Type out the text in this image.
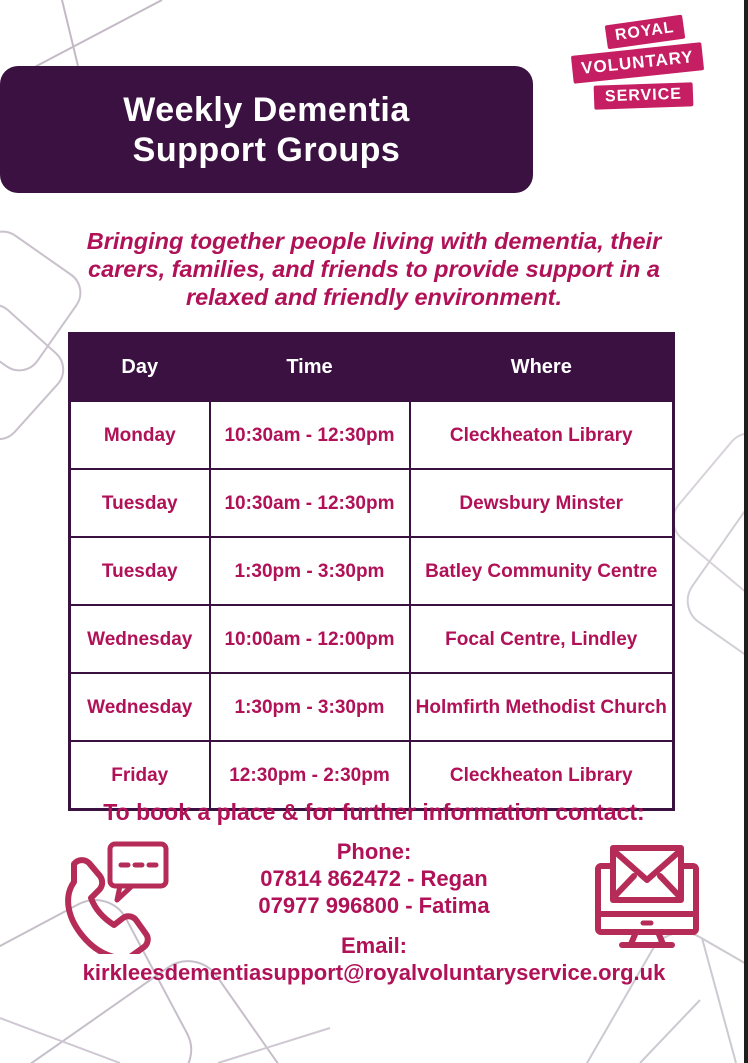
Weekly Dementia
Support Groups
ROYAL
VOLUNTARY
SERVICE
Bringing together people living with dementia, their
carers, families, and friends to provide support in a
relaxed and friendly environment.
Day	Time	Where
Monday	10:30am - 12:30pm	Cleckheaton Library
Tuesday	10:30am - 12:30pm	Dewsbury Minster
Tuesday	1:30pm - 3:30pm	Batley Community Centre
Wednesday	10:00am - 12:00pm	Focal Centre, Lindley
Wednesday	1:30pm - 3:30pm	Holmfirth Methodist Church
Friday	12:30pm - 2:30pm	Cleckheaton Library
To book a place & for further information contact:
Phone:
07814 862472 - Regan
07977 996800 - Fatima
Email:
kirkleesdementiasupport@royalvoluntaryservice.org.uk
